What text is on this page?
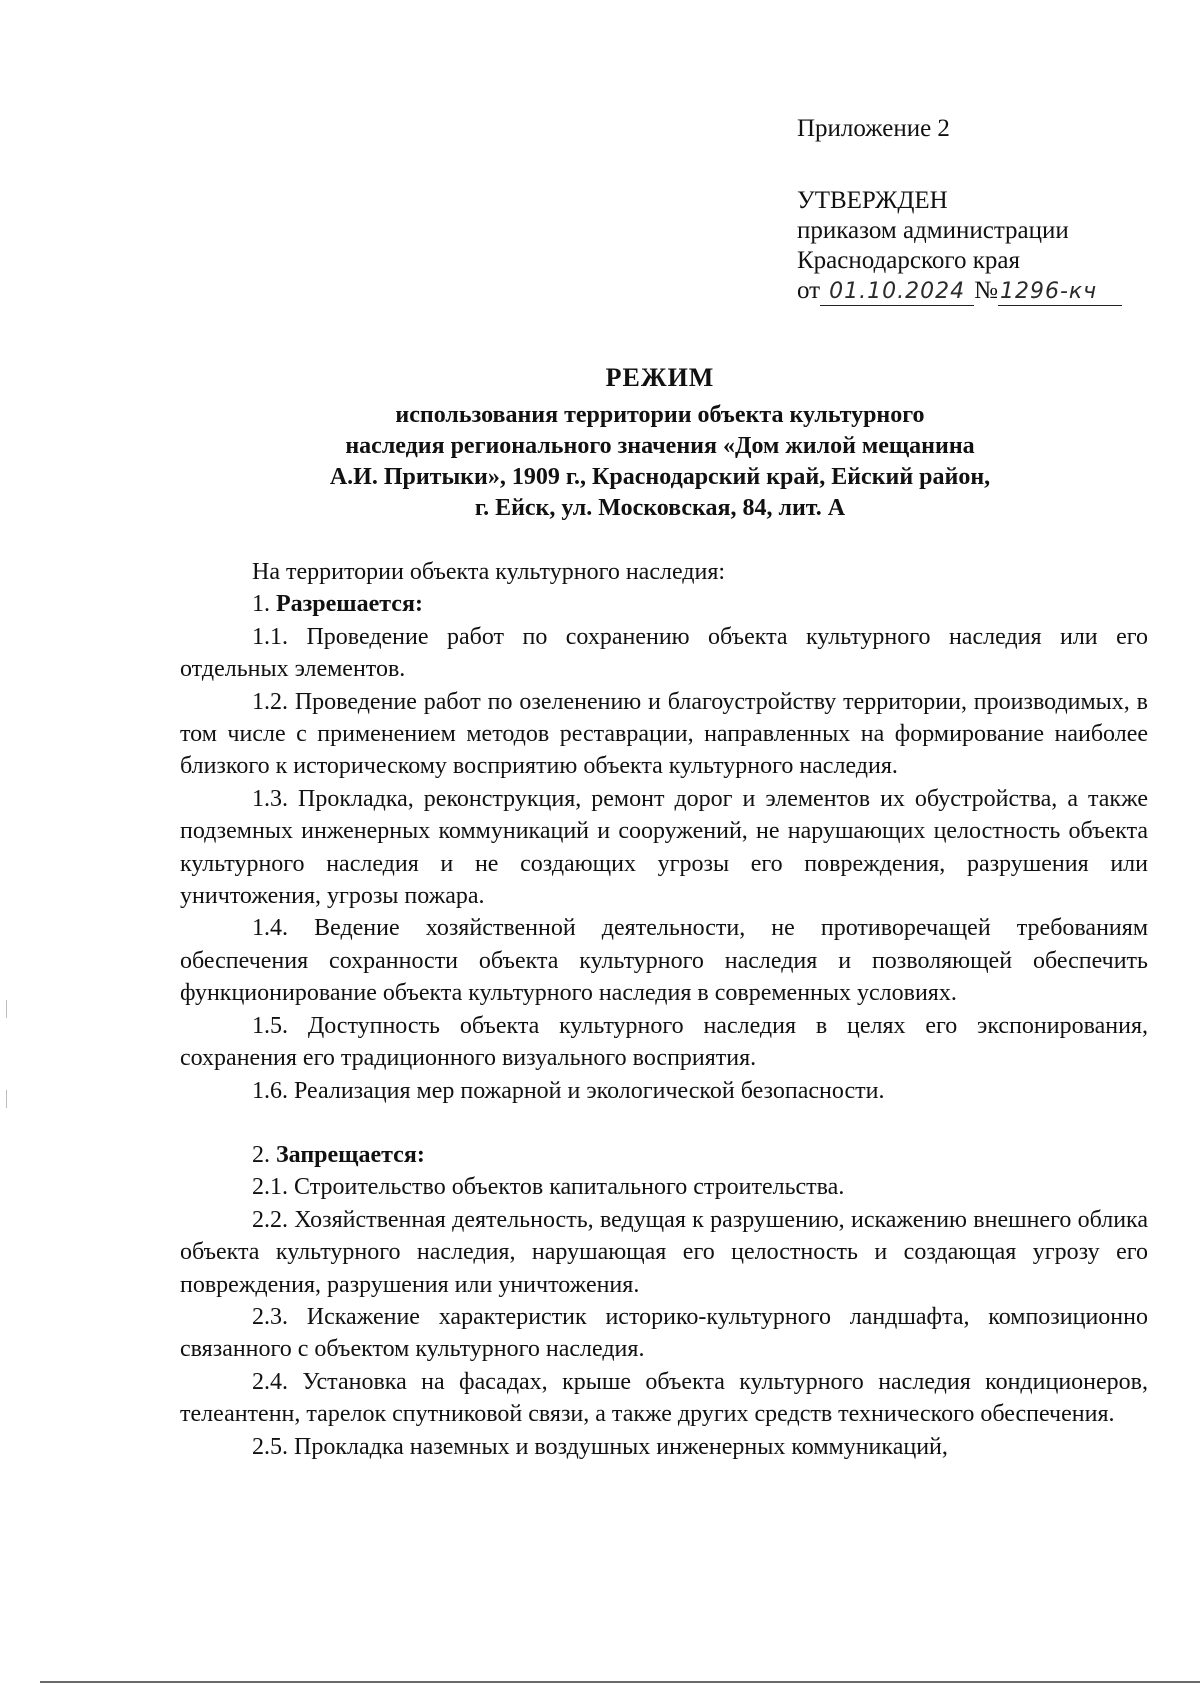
Приложение 2
УТВЕРЖДЕН
приказом администрации
Краснодарского края
от 01.10.2024 №1296-кч
РЕЖИМ
использования территории объекта культурного
наследия регионального значения «Дом жилой мещанина
А.И. Притыки», 1909 г., Краснодарский край, Ейский район,
г. Ейск, ул. Московская, 84, лит. А

На территории объекта культурного наследия:

1. Разрешается:

1.1. Проведение работ по сохранению объекта культурного наследия или его отдельных элементов.

1.2. Проведение работ по озеленению и благоустройству территории, производимых, в том числе с применением методов реставрации, направленных на формирование наиболее близкого к историческому восприятию объекта культурного наследия.

1.3. Прокладка, реконструкция, ремонт дорог и элементов их обустройства, а также подземных инженерных коммуникаций и сооружений, не нарушающих целостность объекта культурного наследия и не создающих угрозы его повреждения, разрушения или уничтожения, угрозы пожара.

1.4. Ведение хозяйственной деятельности, не противоречащей требованиям обеспечения сохранности объекта культурного наследия и позволяющей обеспечить функционирование объекта культурного наследия в современных условиях.

1.5. Доступность объекта культурного наследия в целях его экспонирования, сохранения его традиционного визуального восприятия.

1.6. Реализация мер пожарной и экологической безопасности.

2. Запрещается:

2.1. Строительство объектов капитального строительства.

2.2. Хозяйственная деятельность, ведущая к разрушению, искажению внешнего облика объекта культурного наследия, нарушающая его целостность и создающая угрозу его повреждения, разрушения или уничтожения.

2.3. Искажение характеристик историко-культурного ландшафта, композиционно связанного с объектом культурного наследия.

2.4. Установка на фасадах, крыше объекта культурного наследия кондиционеров, телеантенн, тарелок спутниковой связи, а также других средств технического обеспечения.

2.5. Прокладка наземных и воздушных инженерных коммуникаций,
